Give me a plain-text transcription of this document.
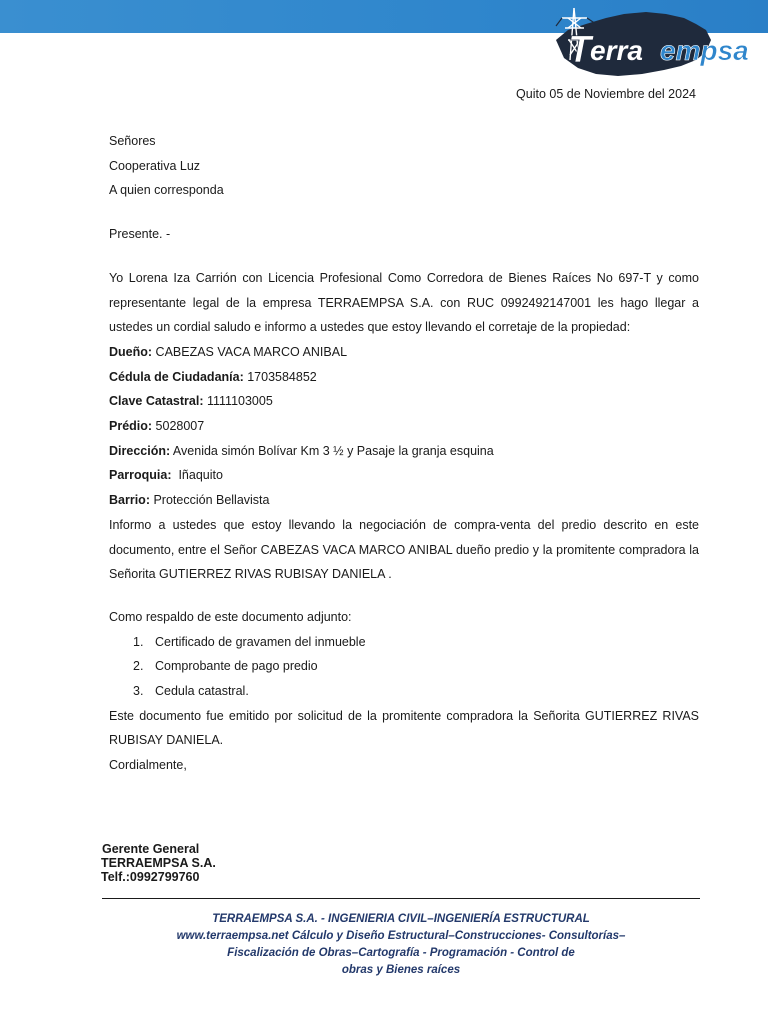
T
erra empsa
Quito 05 de Noviembre del 2024

Señores

Cooperativa Luz

A quien corresponda

Presente. -

Yo Lorena Iza Carrión con Licencia Profesional Como Corredora de Bienes Raíces No 697-T y como representante legal de la empresa TERRAEMPSA S.A. con RUC 0992492147001 les hago llegar a ustedes un cordial saludo e informo a ustedes que estoy llevando el corretaje de la propiedad:

Dueño: CABEZAS VACA MARCO ANIBAL

Cédula de Ciudadanía: 1703584852

Clave Catastral: 1111103005

Prédio: 5028007

Dirección: Avenida simón Bolívar Km 3 ½ y Pasaje la granja esquina

Parroquia:  Iñaquito

Barrio: Protección Bellavista

Informo a ustedes que estoy llevando la negociación de compra-venta del predio descrito en este documento, entre el Señor CABEZAS VACA MARCO ANIBAL dueño predio y la promitente compradora la Señorita GUTIERREZ RIVAS RUBISAY DANIELA .

Como respaldo de este documento adjunto:

1. Certificado de gravamen del inmueble
2. Comprobante de pago predio
3. Cedula catastral.

Este documento fue emitido por solicitud de la promitente compradora la Señorita GUTIERREZ RIVAS RUBISAY DANIELA.

Cordialmente,

Gerente General
TERRAEMPSA S.A.
Telf.:0992799760
TERRAEMPSA S.A. - INGENIERIA CIVIL–INGENIERÍA ESTRUCTURAL
www.terraempsa.net Cálculo y Diseño Estructural–Construcciones- Consultorías–
Fiscalización de Obras–Cartografía - Programación - Control de
obras y Bienes raíces
